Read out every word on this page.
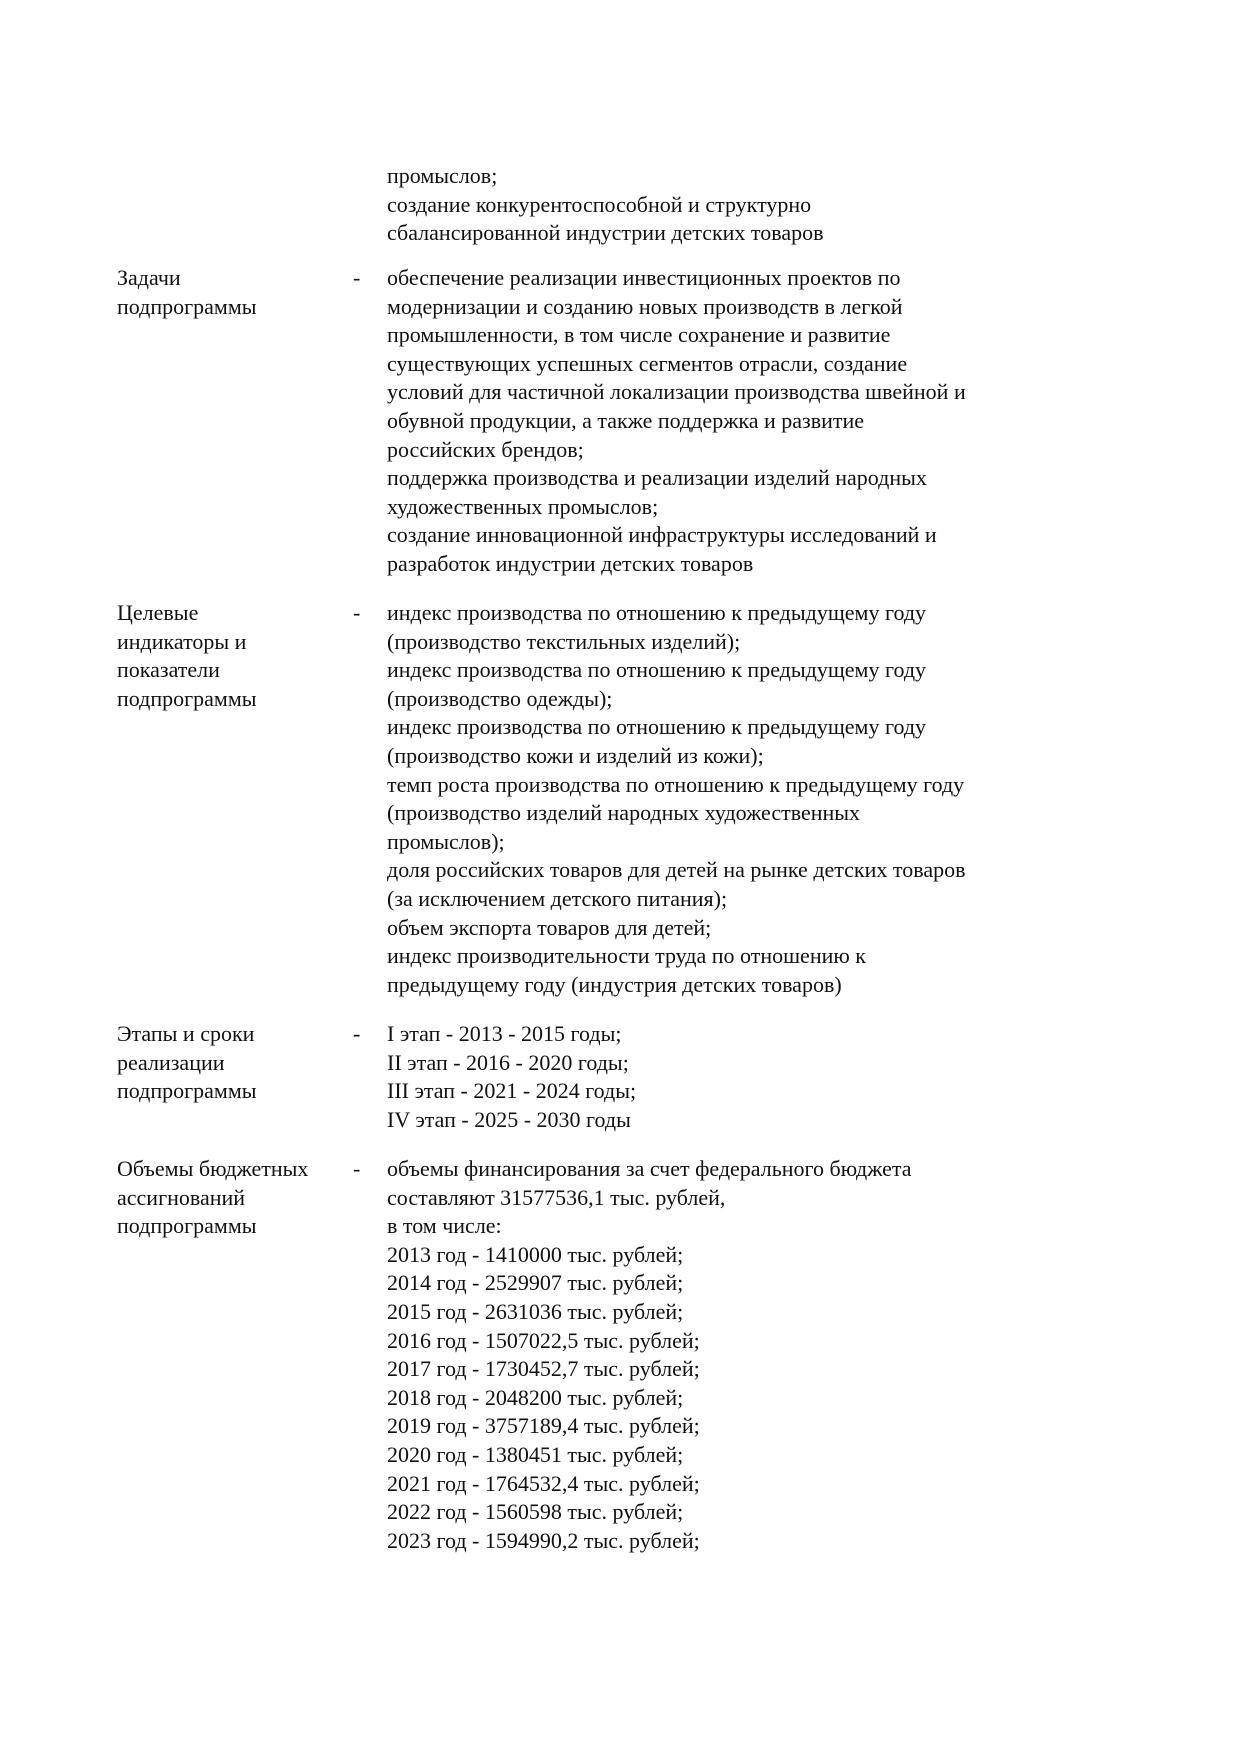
промыслов;
создание конкурентоспособной и структурно
сбалансированной индустрии детских товаров
Задачи
подпрограммы
- обеспечение реализации инвестиционных проектов по
модернизации и созданию новых производств в легкой
промышленности, в том числе сохранение и развитие
существующих успешных сегментов отрасли, создание
условий для частичной локализации производства швейной и
обувной продукции, а также поддержка и развитие
российских брендов;
поддержка производства и реализации изделий народных
художественных промыслов;
создание инновационной инфраструктуры исследований и
разработок индустрии детских товаров
Целевые
индикаторы и
показатели
подпрограммы
- индекс производства по отношению к предыдущему году
(производство текстильных изделий);
индекс производства по отношению к предыдущему году
(производство одежды);
индекс производства по отношению к предыдущему году
(производство кожи и изделий из кожи);
темп роста производства по отношению к предыдущему году
(производство изделий народных художественных
промыслов);
доля российских товаров для детей на рынке детских товаров
(за исключением детского питания);
объем экспорта товаров для детей;
индекс производительности труда по отношению к
предыдущему году (индустрия детских товаров)
Этапы и сроки
реализации
подпрограммы
- I этап - 2013 - 2015 годы;
II этап - 2016 - 2020 годы;
III этап - 2021 - 2024 годы;
IV этап - 2025 - 2030 годы
Объемы бюджетных
ассигнований
подпрограммы
- объемы финансирования за счет федерального бюджета
составляют 31577536,1 тыс. рублей,
в том числе:
2013 год - 1410000 тыс. рублей;
2014 год - 2529907 тыс. рублей;
2015 год - 2631036 тыс. рублей;
2016 год - 1507022,5 тыс. рублей;
2017 год - 1730452,7 тыс. рублей;
2018 год - 2048200 тыс. рублей;
2019 год - 3757189,4 тыс. рублей;
2020 год - 1380451 тыс. рублей;
2021 год - 1764532,4 тыс. рублей;
2022 год - 1560598 тыс. рублей;
2023 год - 1594990,2 тыс. рублей;
